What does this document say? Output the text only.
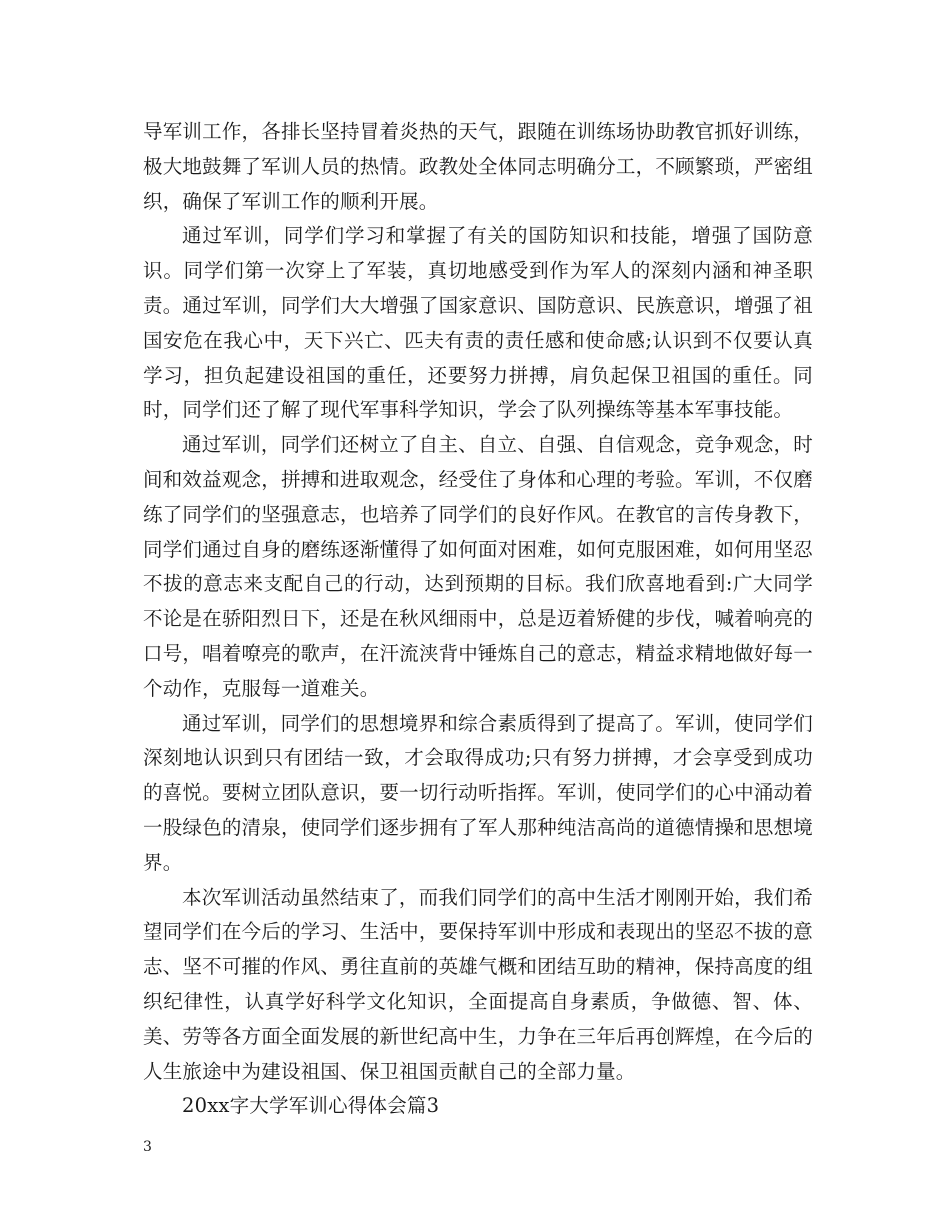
导军训工作，各排长坚持冒着炎热的天气，跟随在训练场协助教官抓好训练，极大地鼓舞了军训人员的热情。政教处全体同志明确分工，不顾繁琐，严密组织，确保了军训工作的顺利开展。

通过军训，同学们学习和掌握了有关的国防知识和技能，增强了国防意识。同学们第一次穿上了军装，真切地感受到作为军人的深刻内涵和神圣职责。通过军训，同学们大大增强了国家意识、国防意识、民族意识，增强了祖国安危在我心中，天下兴亡、匹夫有责的责任感和使命感;认识到不仅要认真学习，担负起建设祖国的重任，还要努力拼搏，肩负起保卫祖国的重任。同时，同学们还了解了现代军事科学知识，学会了队列操练等基本军事技能。

通过军训，同学们还树立了自主、自立、自强、自信观念，竞争观念，时间和效益观念，拼搏和进取观念，经受住了身体和心理的考验。军训，不仅磨练了同学们的坚强意志，也培养了同学们的良好作风。在教官的言传身教下，同学们通过自身的磨练逐渐懂得了如何面对困难，如何克服困难，如何用坚忍不拔的意志来支配自己的行动，达到预期的目标。我们欣喜地看到:广大同学不论是在骄阳烈日下，还是在秋风细雨中，总是迈着矫健的步伐，喊着响亮的口号，唱着嘹亮的歌声，在汗流浃背中锤炼自己的意志，精益求精地做好每一个动作，克服每一道难关。

通过军训，同学们的思想境界和综合素质得到了提高了。军训，使同学们深刻地认识到只有团结一致，才会取得成功;只有努力拼搏，才会享受到成功的喜悦。要树立团队意识，要一切行动听指挥。军训，使同学们的心中涌动着一股绿色的清泉，使同学们逐步拥有了军人那种纯洁高尚的道德情操和思想境界。

本次军训活动虽然结束了，而我们同学们的高中生活才刚刚开始，我们希望同学们在今后的学习、生活中，要保持军训中形成和表现出的坚忍不拔的意志、坚不可摧的作风、勇往直前的英雄气概和团结互助的精神，保持高度的组织纪律性，认真学好科学文化知识，全面提高自身素质，争做德、智、体、美、劳等各方面全面发展的新世纪高中生，力争在三年后再创辉煌，在今后的人生旅途中为建设祖国、保卫祖国贡献自己的全部力量。

20xx字大学军训心得体会篇3

3
